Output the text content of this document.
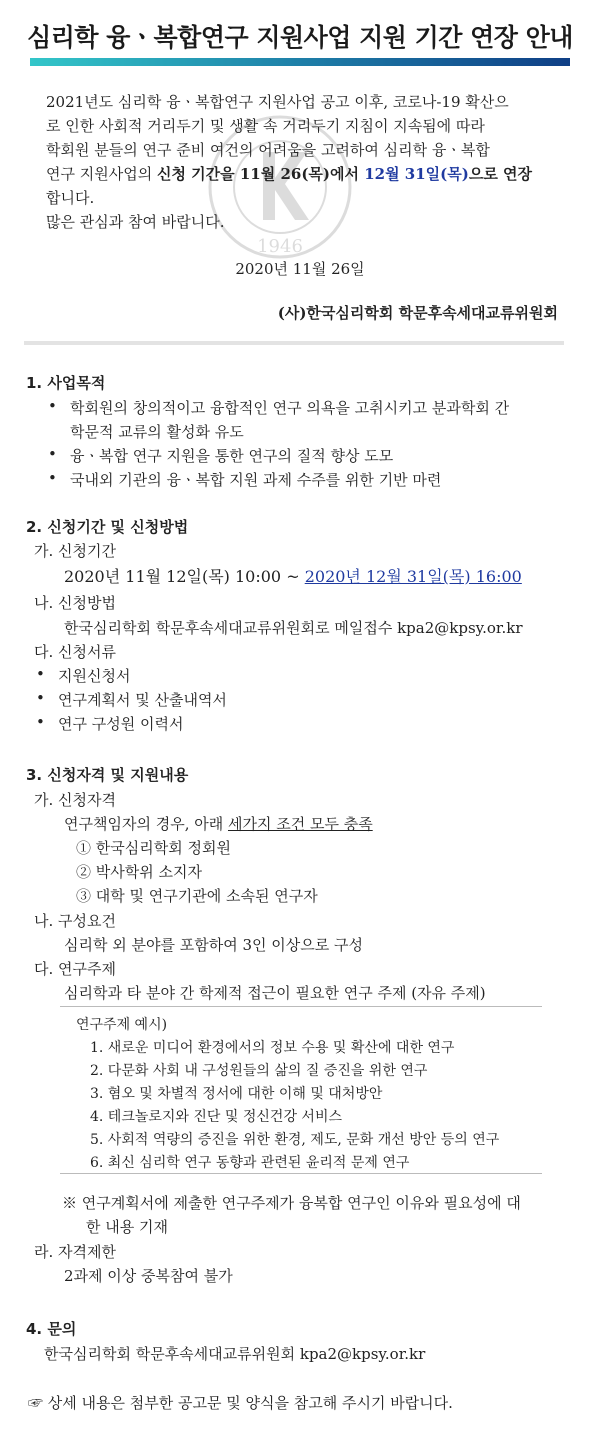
심리학 융ㆍ복합연구 지원사업 지원 기간 연장 안내
1946

2021년도 심리학 융ㆍ복합연구 지원사업 공고 이후, 코로나-19 확산으

로 인한 사회적 거리두기 및 생활 속 거리두기 지침이 지속됨에 따라

학회원 분들의 연구 준비 여건의 어려움을 고려하여 심리학 융ㆍ복합

연구 지원사업의 신청 기간을 11월 26(목)에서 12월 31일(목)으로 연장

합니다.

많은 관심과 참여 바랍니다.

2020년 11월 26일
(사)한국심리학회 학문후속세대교류위원회
1. 사업목적
• 학회원의 창의적이고 융합적인 연구 의욕을 고취시키고 분과학회 간
학문적 교류의 활성화 유도
• 융ㆍ복합 연구 지원을 통한 연구의 질적 향상 도모
• 국내외 기관의 융ㆍ복합 지원 과제 수주를 위한 기반 마련
2. 신청기간 및 신청방법
가. 신청기간
2020년 11월 12일(목) 10:00 ~ 2020년 12월 31일(목) 16:00
나. 신청방법
한국심리학회 학문후속세대교류위원회로 메일접수 kpa2@kpsy.or.kr
다. 신청서류
• 지원신청서
• 연구계획서 및 산출내역서
• 연구 구성원 이력서
3. 신청자격 및 지원내용
가. 신청자격
연구책임자의 경우, 아래 세가지 조건 모두 충족
① 한국심리학회 정회원
② 박사학위 소지자
③ 대학 및 연구기관에 소속된 연구자
나. 구성요건
심리학 외 분야를 포함하여 3인 이상으로 구성
다. 연구주제
심리학과 타 분야 간 학제적 접근이 필요한 연구 주제 (자유 주제)
연구주제 예시)
1. 새로운 미디어 환경에서의 정보 수용 및 확산에 대한 연구
2. 다문화 사회 내 구성원들의 삶의 질 증진을 위한 연구
3. 혐오 및 차별적 정서에 대한 이해 및 대처방안
4. 테크놀로지와 진단 및 정신건강 서비스
5. 사회적 역량의 증진을 위한 환경, 제도, 문화 개선 방안 등의 연구
6. 최신 심리학 연구 동향과 관련된 윤리적 문제 연구
※ 연구계획서에 제출한 연구주제가 융복합 연구인 이유와 필요성에 대
한 내용 기재
라. 자격제한
2과제 이상 중복참여 불가
4. 문의
한국심리학회 학문후속세대교류위원회 kpa2@kpsy.or.kr
☞ 상세 내용은 첨부한 공고문 및 양식을 참고해 주시기 바랍니다.
